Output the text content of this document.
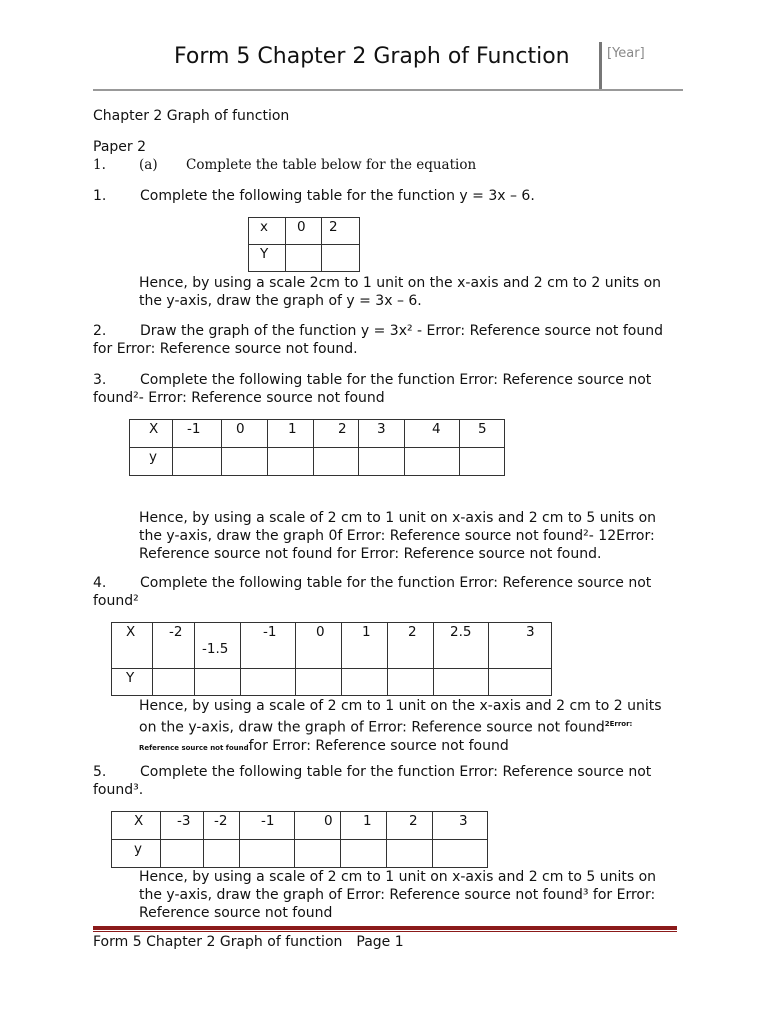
Form 5 Chapter 2 Graph of Function	[Year]
Chapter 2 Graph of function
Paper 2
1. (a) Complete the table below for the equation
1. Complete the following table for the function y = 3x – 6.
x	0	2

Y		

Hence, by using a scale 2cm to 1 unit on the x-axis and 2 cm to 2 units on the y-axis, draw the graph of y = 3x – 6.
2. Draw the graph of the function y = 3x² - Error: Reference source not found
for Error: Reference source not found.
3. Complete the following table for the function Error: Reference source not
found²- Error: Reference source not found
X	-1	0	1	2	3	4	5

y							

Hence, by using a scale of 2 cm to 1 unit on x-axis and 2 cm to 5 units on
the y-axis, draw the graph 0f Error: Reference source not found²- 12Error:
Reference source not found for Error: Reference source not found.
4. Complete the following table for the function Error: Reference source not
found²
X	-2	-1.5	-1	0	1	2	2.5	3

Y								

Hence, by using a scale of 2 cm to 1 unit on the x-axis and 2 cm to 2 units
on the y-axis, draw the graph of Error: Reference source not found$^{2Error:}$
Reference source not foundfor Error: Reference source not found
5. Complete the following table for the function Error: Reference source not
found³.
X	-3	-2	-1	0	1	2	3

y							

Hence, by using a scale of 2 cm to 1 unit on x-axis and 2 cm to 5 units on
the y-axis, draw the graph of Error: Reference source not found³ for Error:
Reference source not found
Form 5 Chapter 2 Graph of function Page 1
